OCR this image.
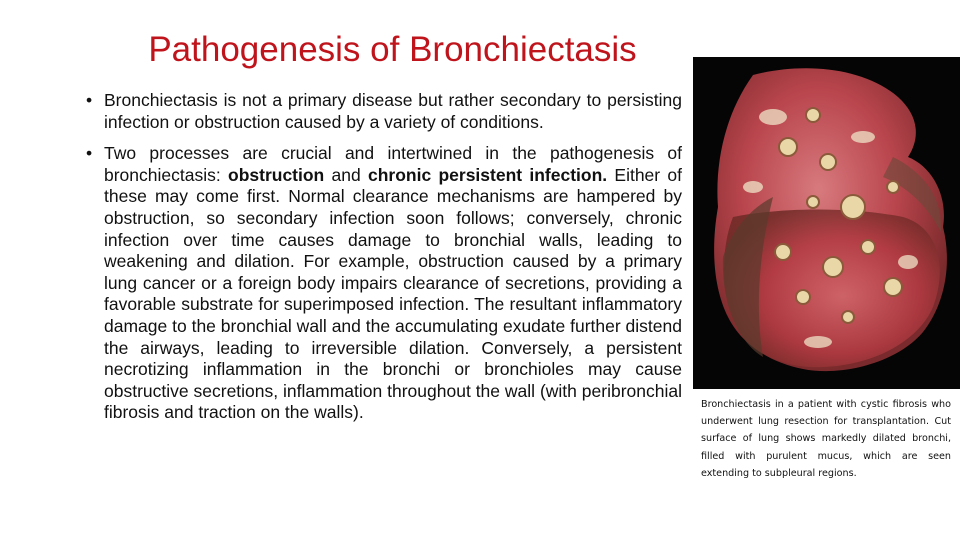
Pathogenesis of Bronchiectasis
• Bronchiectasis is not a primary disease but rather secondary to persisting infection or obstruction caused by a variety of conditions.
• Two processes are crucial and intertwined in the pathogenesis of bronchiectasis: obstruction and chronic persistent infection. Either of these may come first. Normal clearance mechanisms are hampered by obstruction, so secondary infection soon follows; conversely, chronic infection over time causes damage to bronchial walls, leading to weakening and dilation. For example, obstruction caused by a primary lung cancer or a foreign body impairs clearance of secretions, providing a favorable substrate for superimposed infection. The resultant inflammatory damage to the bronchial wall and the accumulating exudate further distend the airways, leading to irreversible dilation. Conversely, a persistent necrotizing inflammation in the bronchi or bronchioles may cause obstructive secretions, inflammation throughout the wall (with peribronchial fibrosis and traction on the walls).	Bronchiectasis in a patient with cystic fibrosis who underwent lung resection for transplantation. Cut surface of lung shows markedly dilated bronchi, filled with purulent mucus, which are seen extending to subpleural regions.
